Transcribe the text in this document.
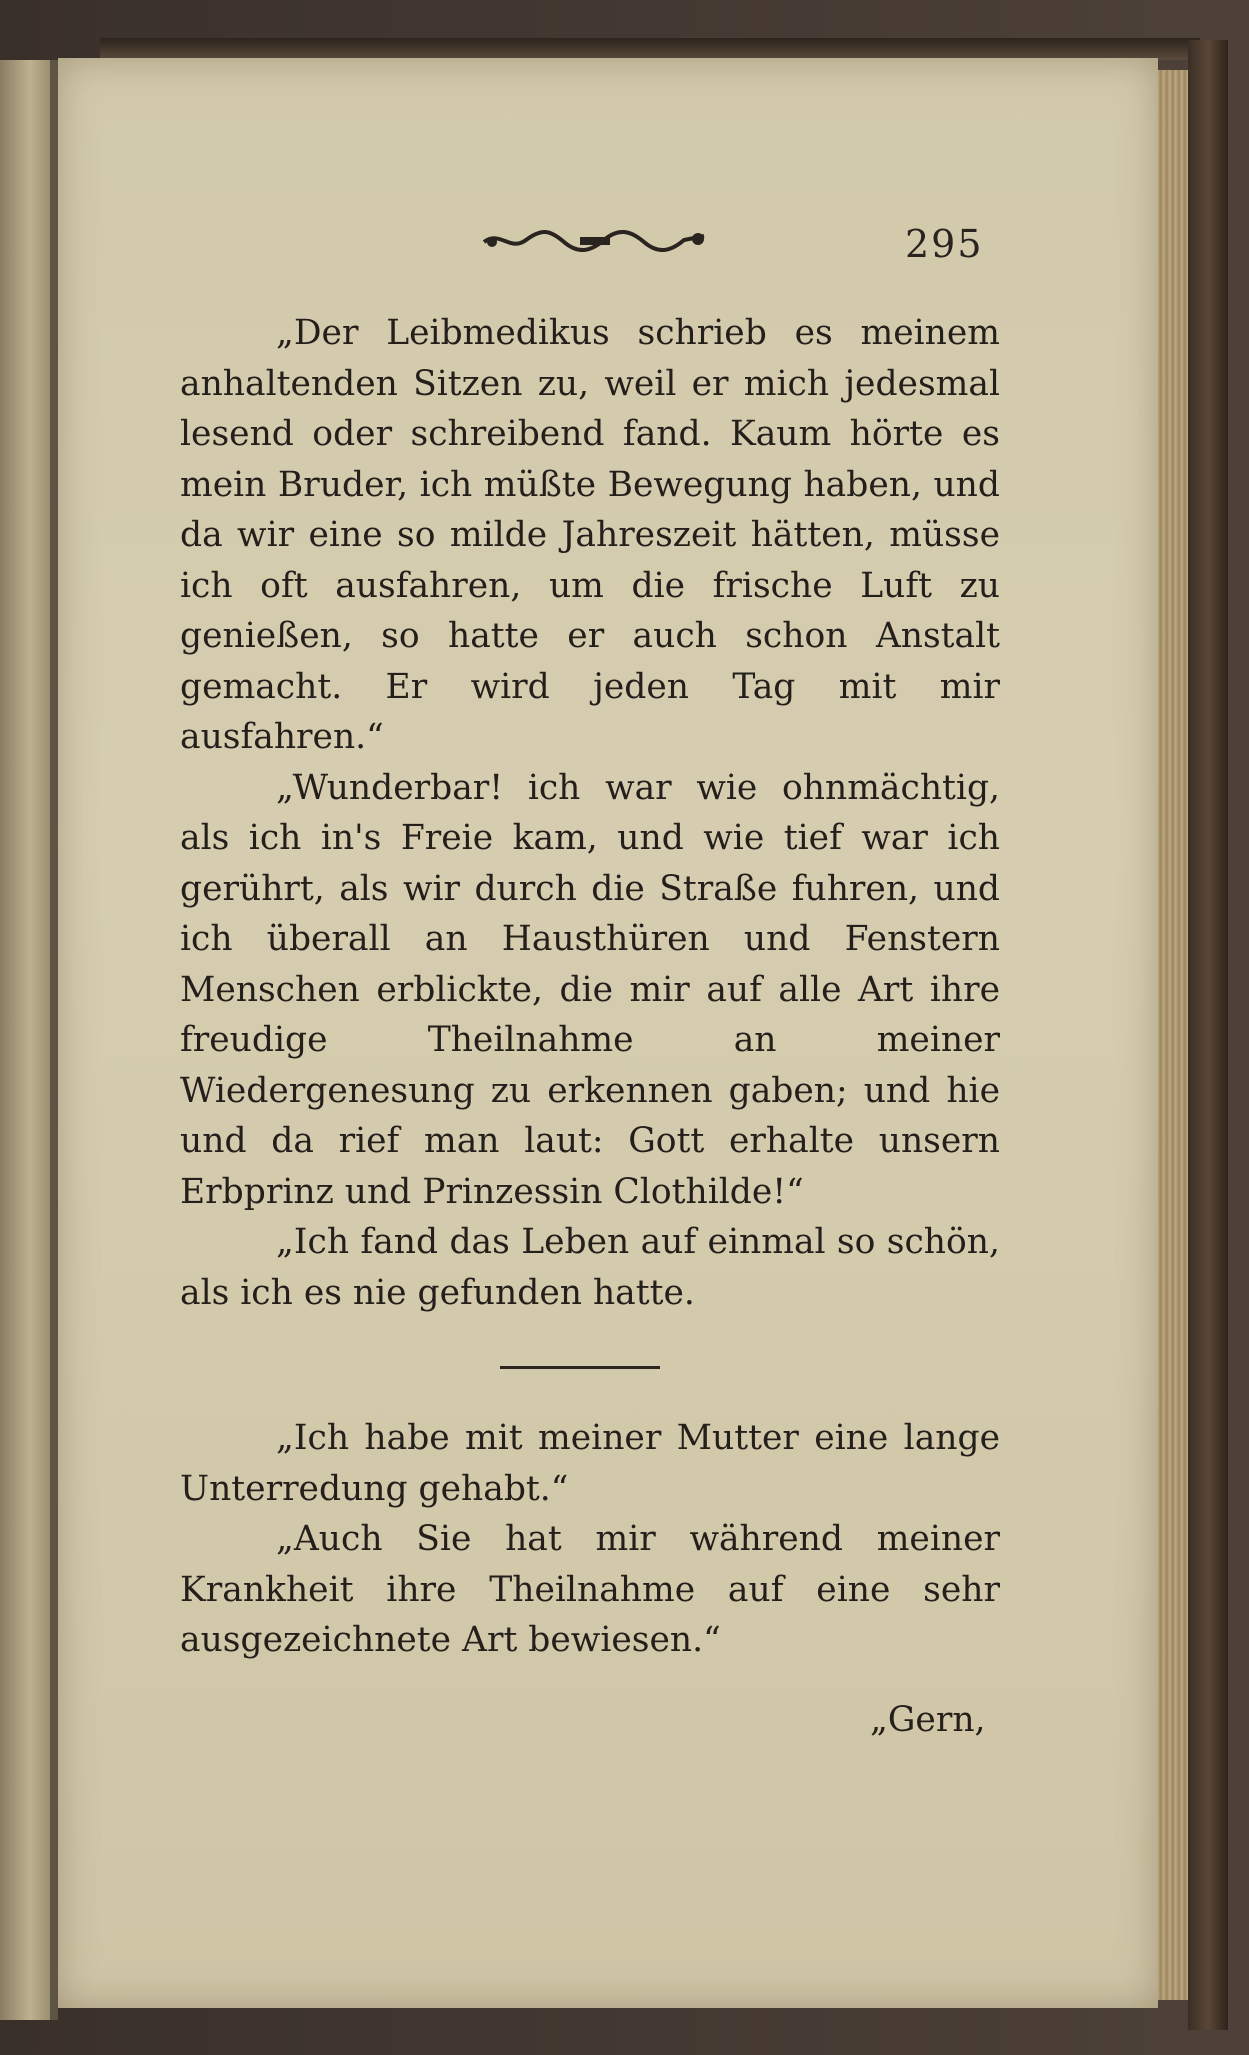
295

„Der Leibmedikus schrieb es meinem anhaltenden Sitzen zu, weil er mich jedesmal lesend oder schreibend fand. Kaum hörte es mein Bruder, ich müßte Bewegung haben, und da wir eine so milde Jahreszeit hätten, müsse ich oft ausfahren, um die frische Luft zu genießen, so hatte er auch schon Anstalt gemacht. Er wird jeden Tag mit mir ausfahren.“

„Wunderbar! ich war wie ohnmächtig, als ich in's Freie kam, und wie tief war ich gerührt, als wir durch die Straße fuhren, und ich überall an Hausthüren und Fenstern Menschen erblickte, die mir auf alle Art ihre freudige Theilnahme an meiner Wiedergenesung zu erkennen gaben; und hie und da rief man laut: Gott erhalte unsern Erbprinz und Prinzessin Clothilde!“

„Ich fand das Leben auf einmal so schön, als ich es nie gefunden hatte.

„Ich habe mit meiner Mutter eine lange Unterredung gehabt.“

„Auch Sie hat mir während meiner Krankheit ihre Theilnahme auf eine sehr ausgezeichnete Art bewiesen.“

„Gern,
